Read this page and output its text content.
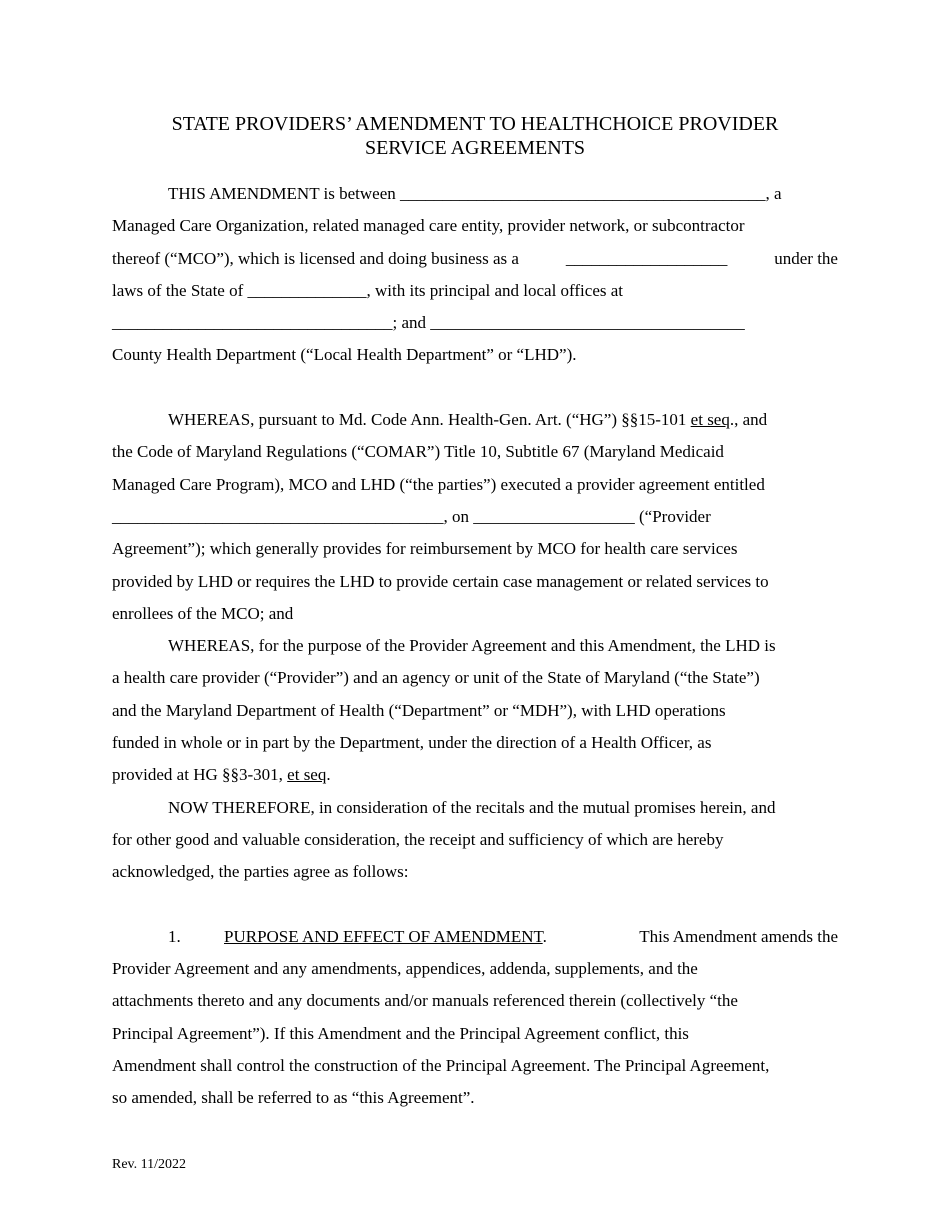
STATE PROVIDERS’ AMENDMENT TO HEALTHCHOICE PROVIDER
SERVICE AGREEMENTS
THIS AMENDMENT is between ___________________________________________, a
Managed Care Organization, related managed care entity, provider network, or subcontractor
thereof (“MCO”), which is licensed and doing business as a	___________________	under the
laws of the State of ______________, with its principal and local offices at
_________________________________; and _____________________________________
County Health Department (“Local Health Department” or “LHD”).
WHEREAS, pursuant to Md. Code Ann. Health-Gen. Art. (“HG”) §§15-101 et seq., and
the Code of Maryland Regulations (“COMAR”) Title 10, Subtitle 67 (Maryland Medicaid
Managed Care Program), MCO and LHD (“the parties”) executed a provider agreement entitled
_______________________________________, on ___________________ (“Provider
Agreement”); which generally provides for reimbursement by MCO for health care services
provided by LHD or requires the LHD to provide certain case management or related services to
enrollees of the MCO; and
WHEREAS, for the purpose of the Provider Agreement and this Amendment, the LHD is
a health care provider (“Provider”) and an agency or unit of the State of Maryland (“the State”)
and the Maryland Department of Health (“Department” or “MDH”), with LHD operations
funded in whole or in part by the Department, under the direction of a Health Officer, as
provided at HG §§3-301, et seq.
NOW THEREFORE, in consideration of the recitals and the mutual promises herein, and
for other good and valuable consideration, the receipt and sufficiency of which are hereby
acknowledged, the parties agree as follows:
1.	PURPOSE AND EFFECT OF AMENDMENT.	This Amendment amends the
Provider Agreement and any amendments, appendices, addenda, supplements, and the
attachments thereto and any documents and/or manuals referenced therein (collectively “the
Principal Agreement”). If this Amendment and the Principal Agreement conflict, this
Amendment shall control the construction of the Principal Agreement. The Principal Agreement,
so amended, shall be referred to as “this Agreement”.
Rev. 11/2022
